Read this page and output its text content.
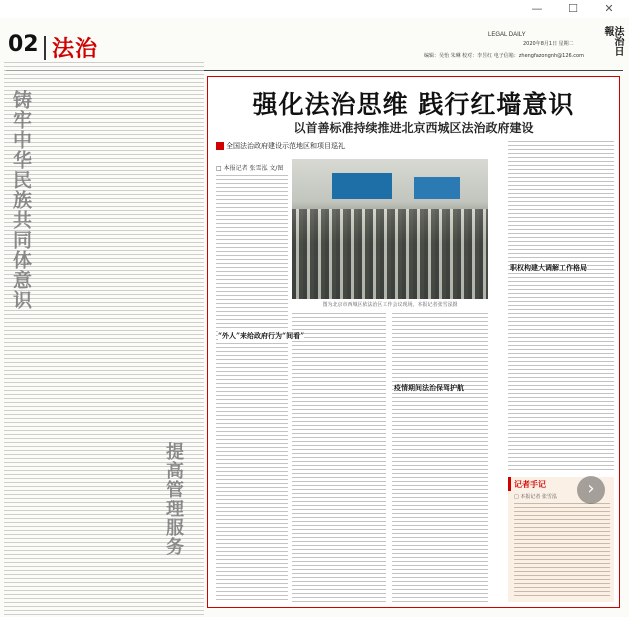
—	☐	✕
02 法治
LEGAL DAILY	法治日報
2020年8月1日 星期二
编辑：吴怡 朱琳 校对：李昱红 电子信箱：zhengfazongnh@126.com
铸牢中华民族共同体意识
提高管理服务
强化法治思维 践行红墙意识
以首善标准持续推进北京西城区法治政府建设
全国法治政府建设示范地区和项目巡礼
□ 本报记者 张雪泓 文/图
图为北京市西城区依法治区工作会议现场。本报记者张雪泓摄
“外人”来给政府行为“间看”
疫情期间法治保驾护航
职权构建大调解工作格局
记者手记
□ 本报记者 张雪泓	›
